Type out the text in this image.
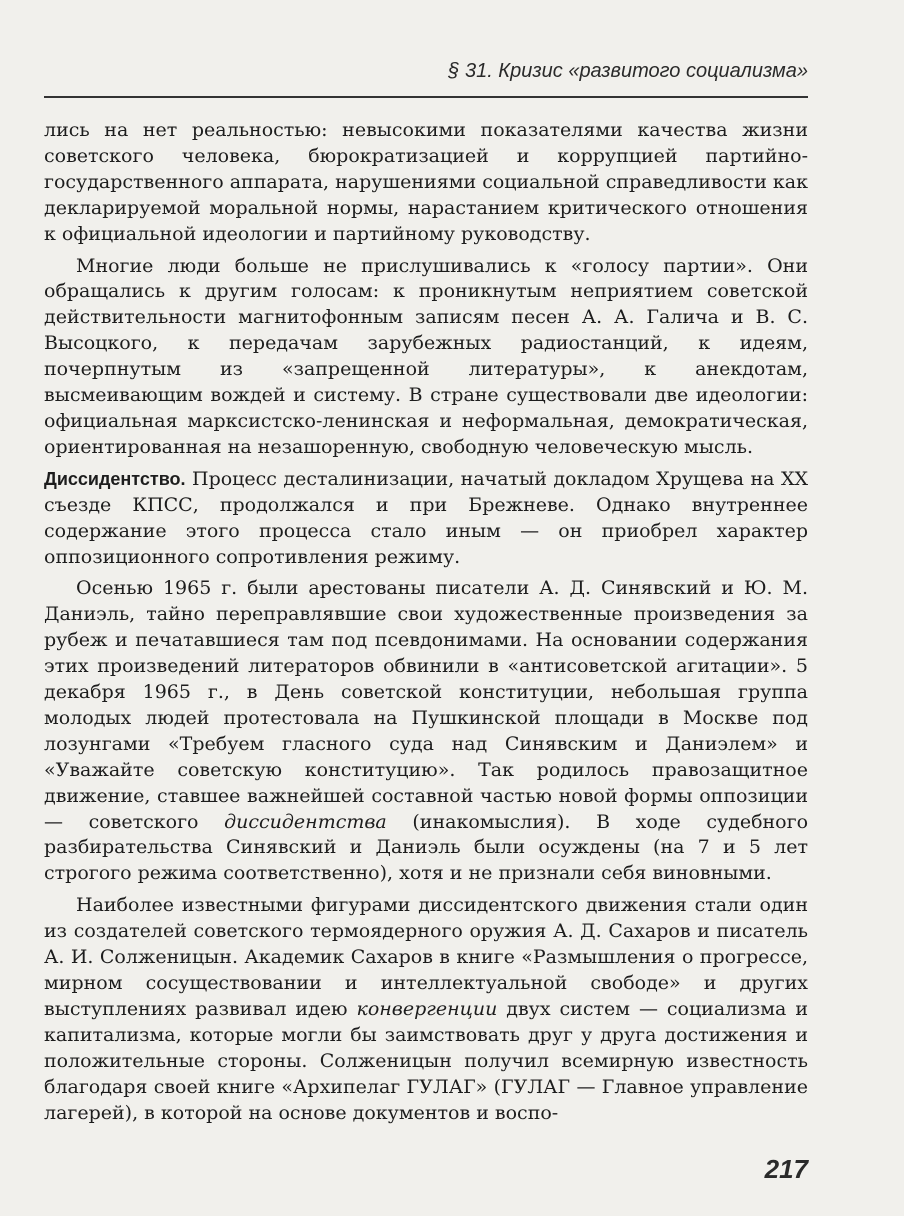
§ 31. Кризис «развитого социализма»

лись на нет реальностью: невысокими показателями качества жизни советского человека, бюрократизацией и коррупцией партийно-государственного аппарата, нарушениями социальной справедливости как декларируемой моральной нормы, нарастанием критического отношения к официальной идеологии и партийному руководству.

Многие люди больше не прислушивались к «голосу партии». Они обращались к другим голосам: к проникнутым неприятием советской действительности магнитофонным записям песен А. А. Галича и В. С. Высоцкого, к передачам зарубежных радиостанций, к идеям, почерпнутым из «запрещенной литературы», к анекдотам, высмеивающим вождей и систему. В стране существовали две идеологии: официальная марксистско-ленинская и неформальная, демократическая, ориентированная на незашоренную, свободную человеческую мысль.

Диссидентство. Процесс десталинизации, начатый докладом Хрущева на XX съезде КПСС, продолжался и при Брежневе. Однако внутреннее содержание этого процесса стало иным — он приобрел характер оппозиционного сопротивления режиму.

Осенью 1965 г. были арестованы писатели А. Д. Синявский и Ю. М. Даниэль, тайно переправлявшие свои художественные произведения за рубеж и печатавшиеся там под псевдонимами. На основании содержания этих произведений литераторов обвинили в «антисоветской агитации». 5 декабря 1965 г., в День советской конституции, небольшая группа молодых людей протестовала на Пушкинской площади в Москве под лозунгами «Требуем гласного суда над Синявским и Даниэлем» и «Уважайте советскую конституцию». Так родилось правозащитное движение, ставшее важнейшей составной частью новой формы оппозиции — советского диссидентства (инакомыслия). В ходе судебного разбирательства Синявский и Даниэль были осуждены (на 7 и 5 лет строгого режима соответственно), хотя и не признали себя виновными.

Наиболее известными фигурами диссидентского движения стали один из создателей советского термоядерного оружия А. Д. Сахаров и писатель А. И. Солженицын. Академик Сахаров в книге «Размышления о прогрессе, мирном сосуществовании и интеллектуальной свободе» и других выступлениях развивал идею конвергенции двух систем — социализма и капитализма, которые могли бы заимствовать друг у друга достижения и положительные стороны. Солженицын получил всемирную известность благодаря своей книге «Архипелаг ГУЛАГ» (ГУЛАГ — Главное управление лагерей), в которой на основе документов и воспо-

217
